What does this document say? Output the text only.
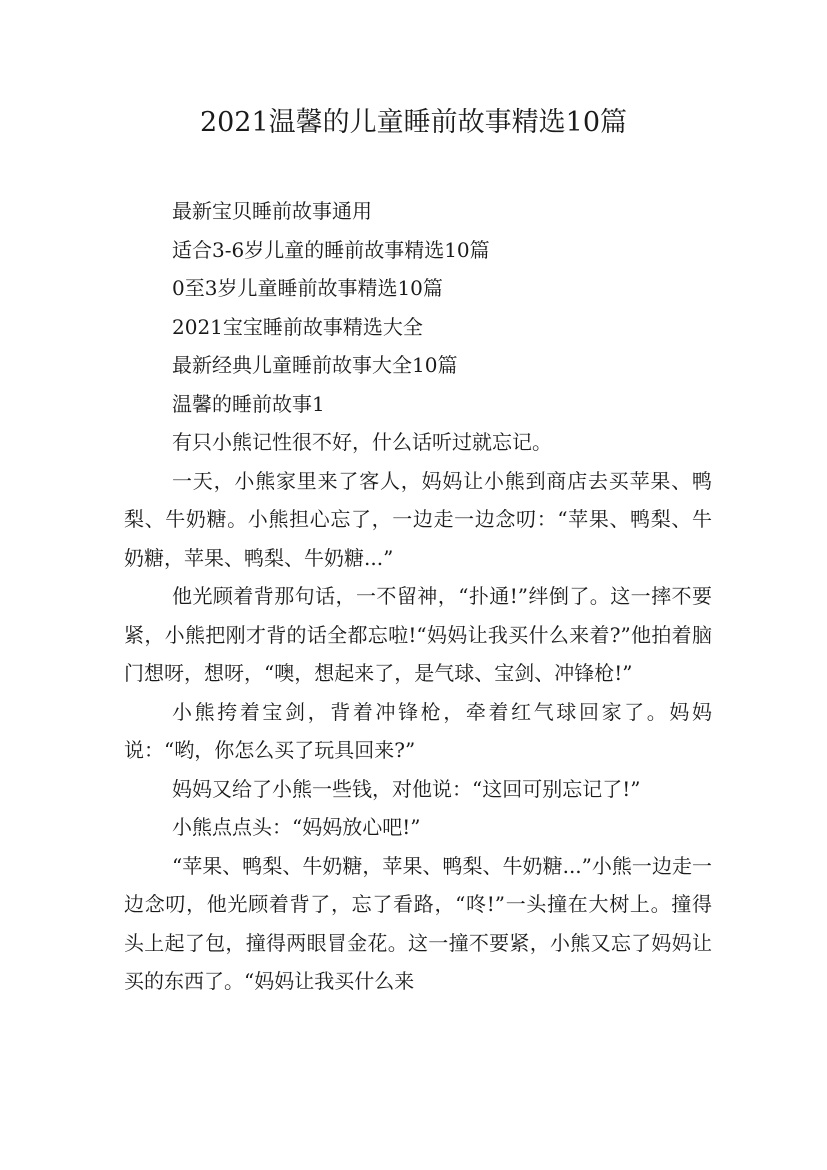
2021温馨的儿童睡前故事精选10篇

最新宝贝睡前故事通用

适合3-6岁儿童的睡前故事精选10篇

0至3岁儿童睡前故事精选10篇

2021宝宝睡前故事精选大全

最新经典儿童睡前故事大全10篇

温馨的睡前故事1

有只小熊记性很不好，什么话听过就忘记。

一天，小熊家里来了客人，妈妈让小熊到商店去买苹果、鸭梨、牛奶糖。小熊担心忘了，一边走一边念叨：“苹果、鸭梨、牛奶糖，苹果、鸭梨、牛奶糖...”

他光顾着背那句话，一不留神，“扑通!”绊倒了。这一摔不要紧，小熊把刚才背的话全都忘啦!“妈妈让我买什么来着?”他拍着脑门想呀，想呀，“噢，想起来了，是气球、宝剑、冲锋枪!”

小熊挎着宝剑，背着冲锋枪，牵着红气球回家了。妈妈说：“哟，你怎么买了玩具回来?”

妈妈又给了小熊一些钱，对他说：“这回可别忘记了!”

小熊点点头：“妈妈放心吧!”

“苹果、鸭梨、牛奶糖，苹果、鸭梨、牛奶糖...”小熊一边走一边念叨，他光顾着背了，忘了看路，“咚!”一头撞在大树上。撞得头上起了包，撞得两眼冒金花。这一撞不要紧，小熊又忘了妈妈让买的东西了。“妈妈让我买什么来
